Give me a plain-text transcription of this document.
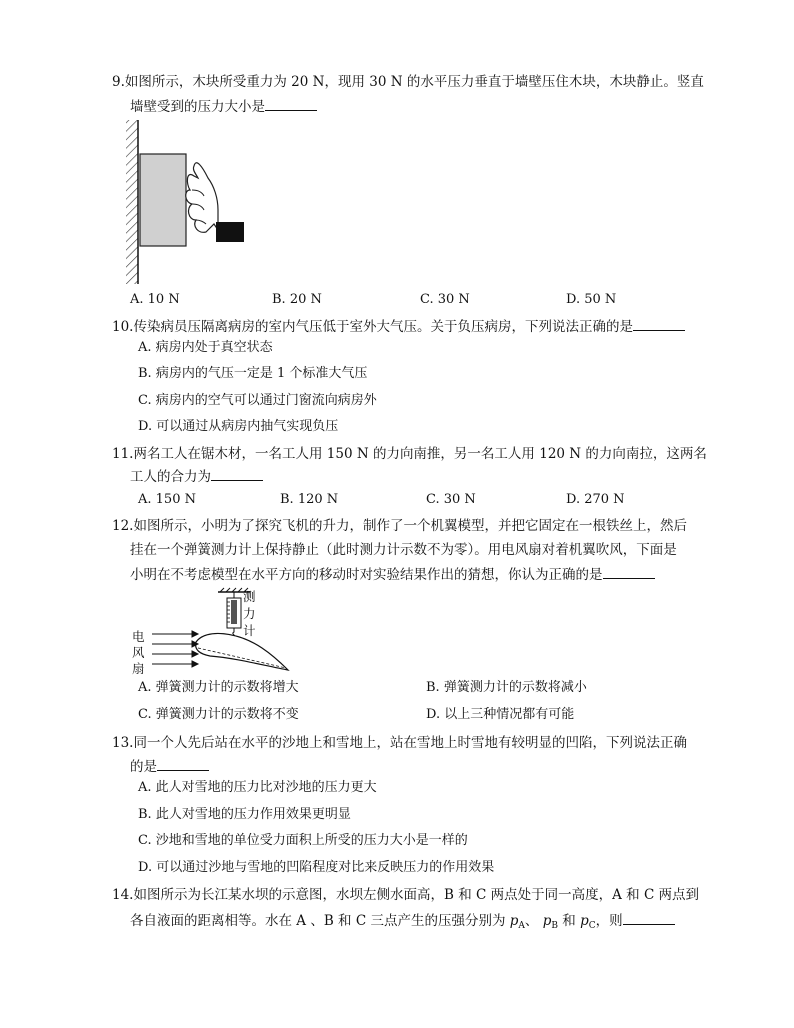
9.如图所示，木块所受重力为 20 N，现用 30 N 的水平压力垂直于墙壁压住木块，木块静止。竖直
墙壁受到的压力大小是
A. 10 N	B. 20 N	C. 30 N	D. 50 N
10.传染病员压隔离病房的室内气压低于室外大气压。关于负压病房，下列说法正确的是
A. 病房内处于真空状态
B. 病房内的气压一定是 1 个标准大气压
C. 病房内的空气可以通过门窗流向病房外
D. 可以通过从病房内抽气实现负压
11.两名工人在锯木材，一名工人用 150 N 的力向南推，另一名工人用 120 N 的力向南拉，这两名
工人的合力为
A. 150 N	B. 120 N	C. 30 N	D. 270 N
12.如图所示，小明为了探究飞机的升力，制作了一个机翼模型，并把它固定在一根铁丝上，然后
挂在一个弹簧测力计上保持静止（此时测力计示数不为零）。用电风扇对着机翼吹风，下面是
小明在不考虑模型在水平方向的移动时对实验结果作出的猜想，你认为正确的是
测
力
计
电
风
扇
A. 弹簧测力计的示数将增大	B. 弹簧测力计的示数将减小
C. 弹簧测力计的示数将不变	D. 以上三种情况都有可能
13.同一个人先后站在水平的沙地上和雪地上，站在雪地上时雪地有较明显的凹陷，下列说法正确
的是
A. 此人对雪地的压力比对沙地的压力更大
B. 此人对雪地的压力作用效果更明显
C. 沙地和雪地的单位受力面积上所受的压力大小是一样的
D. 可以通过沙地与雪地的凹陷程度对比来反映压力的作用效果
14.如图所示为长江某水坝的示意图，水坝左侧水面高，B 和 C 两点处于同一高度，A 和 C 两点到
各自液面的距离相等。水在 A 、B 和 C 三点产生的压强分别为 $p_A$、 $p_B$ 和 $p_C$，则
